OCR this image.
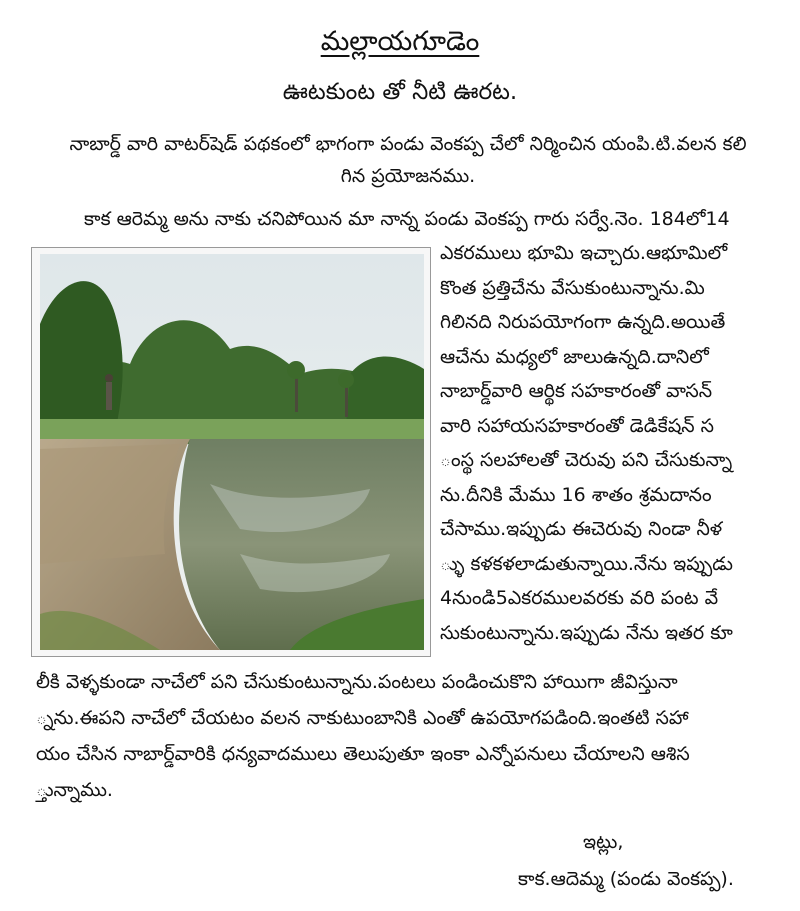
మల్లాయగూడెం
ఊటకుంట తో నీటి ఊరట.
నాబార్డ్ వారి వాటర్‌షెడ్ పథకంలో భాగంగా పండు వెంకప్ప చేలో నిర్మించిన యంపి.టి.వలన కలి
గిన ప్రయోజనము.
కాక ఆరెమ్మ అను నాకు చనిపోయిన మా నాన్న పండు వెంకప్ప గారు సర్వే.నెం. 184లో14
ఎకరములు భూమి ఇచ్చారు.ఆభూమిలో
కొంత ప్రత్తిచేను వేసుకుంటున్నాను.మి
గిలినది నిరుపయోగంగా ఉన్నది.అయితే
ఆచేను మధ్యలో జాలుఉన్నది.దానిలో
నాబార్డ్‌వారి ఆర్థిక సహకారంతో వాసన్
వారి సహాయసహకారంతో డెడికేషన్ స
ంస్థ సలహాలతో చెరువు పని చేసుకున్నా
ను.దీనికి మేము 16 శాతం శ్రమదానం
చేసాము.ఇప్పుడు ఈచెరువు నిండా నీళ
్ళు కళకళలాడుతున్నాయి.నేను ఇప్పుడు
4నుండి5ఎకరములవరకు వరి పంట వే
సుకుంటున్నాను.ఇప్పుడు నేను ఇతర కూ
లీకి వెళ్ళకుండా నాచేలో పని చేసుకుంటున్నాను.పంటలు పండించుకొని హాయిగా జీవిస్తునా
్నను.ఈపని నాచేలో చేయటం వలన నాకుటుంబానికి ఎంతో ఉపయోగపడింది.ఇంతటి సహా
యం చేసిన నాబార్డ్‌వారికి ధన్యవాదములు తెలుపుతూ ఇంకా ఎన్నోపనులు చేయాలని ఆశిస
్తున్నాము.
ఇట్లు,
కాక.ఆదెమ్మ (పండు వెంకప్ప).
